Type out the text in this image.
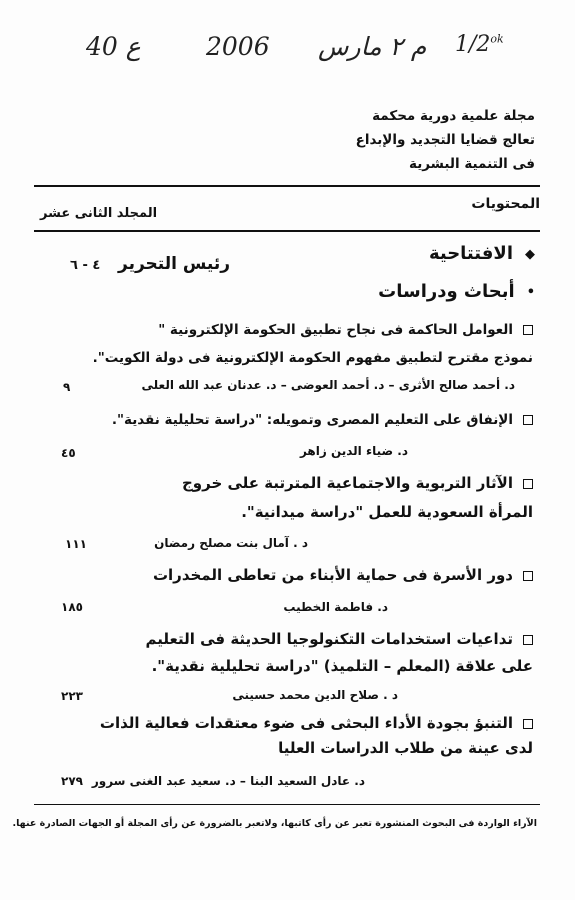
40 ع	2006 م ٢ مارس $1/2^{ok}$
مجلة علمية دورية محكمة
تعالج قضايا التجديد والإبداع
فى التنمية البشرية
المحتويات
المجلد الثانى عشر
◆الافتتاحية
رئيس التحرير
٤ - ٦
•أبحاث ودراسات
العوامل الحاكمة فى نجاح تطبيق الحكومة الإلكترونية "
نموذج مقترح لتطبيق مفهوم الحكومة الإلكترونية فى دولة الكويت".
د. أحمد صالح الأثرى – د. أحمد العوضى – د. عدنان عبد الله العلى
٩
الإنفاق على التعليم المصرى وتمويله: "دراسة تحليلية نقدية".
د. ضياء الدين زاهر
٤٥
الآثار التربوية والاجتماعية المترتبة على خروج
المرأة السعودية للعمل "دراسة ميدانية".
د . آمال بنت مصلح رمضان
١١١
دور الأسرة فى حماية الأبناء من تعاطى المخدرات
د. فاطمة الخطيب
١٨٥
تداعيات استخدامات التكنولوجيا الحديثة فى التعليم
على علاقة (المعلم – التلميذ) "دراسة تحليلية نقدية".
د . صلاح الدين محمد حسينى
٢٢٣
التنبؤ بجودة الأداء البحثى فى ضوء معتقدات فعالية الذات
لدى عينة من طلاب الدراسات العليا
د. عادل السعيد البنا – د. سعيد عبد الغنى سرور
٢٧٩
الآراء الواردة فى البحوث المنشورة تعبر عن رأى كاتبها، ولاتعبر بالضرورة عن رأى المجلة أو الجهات الصادرة عنها.
